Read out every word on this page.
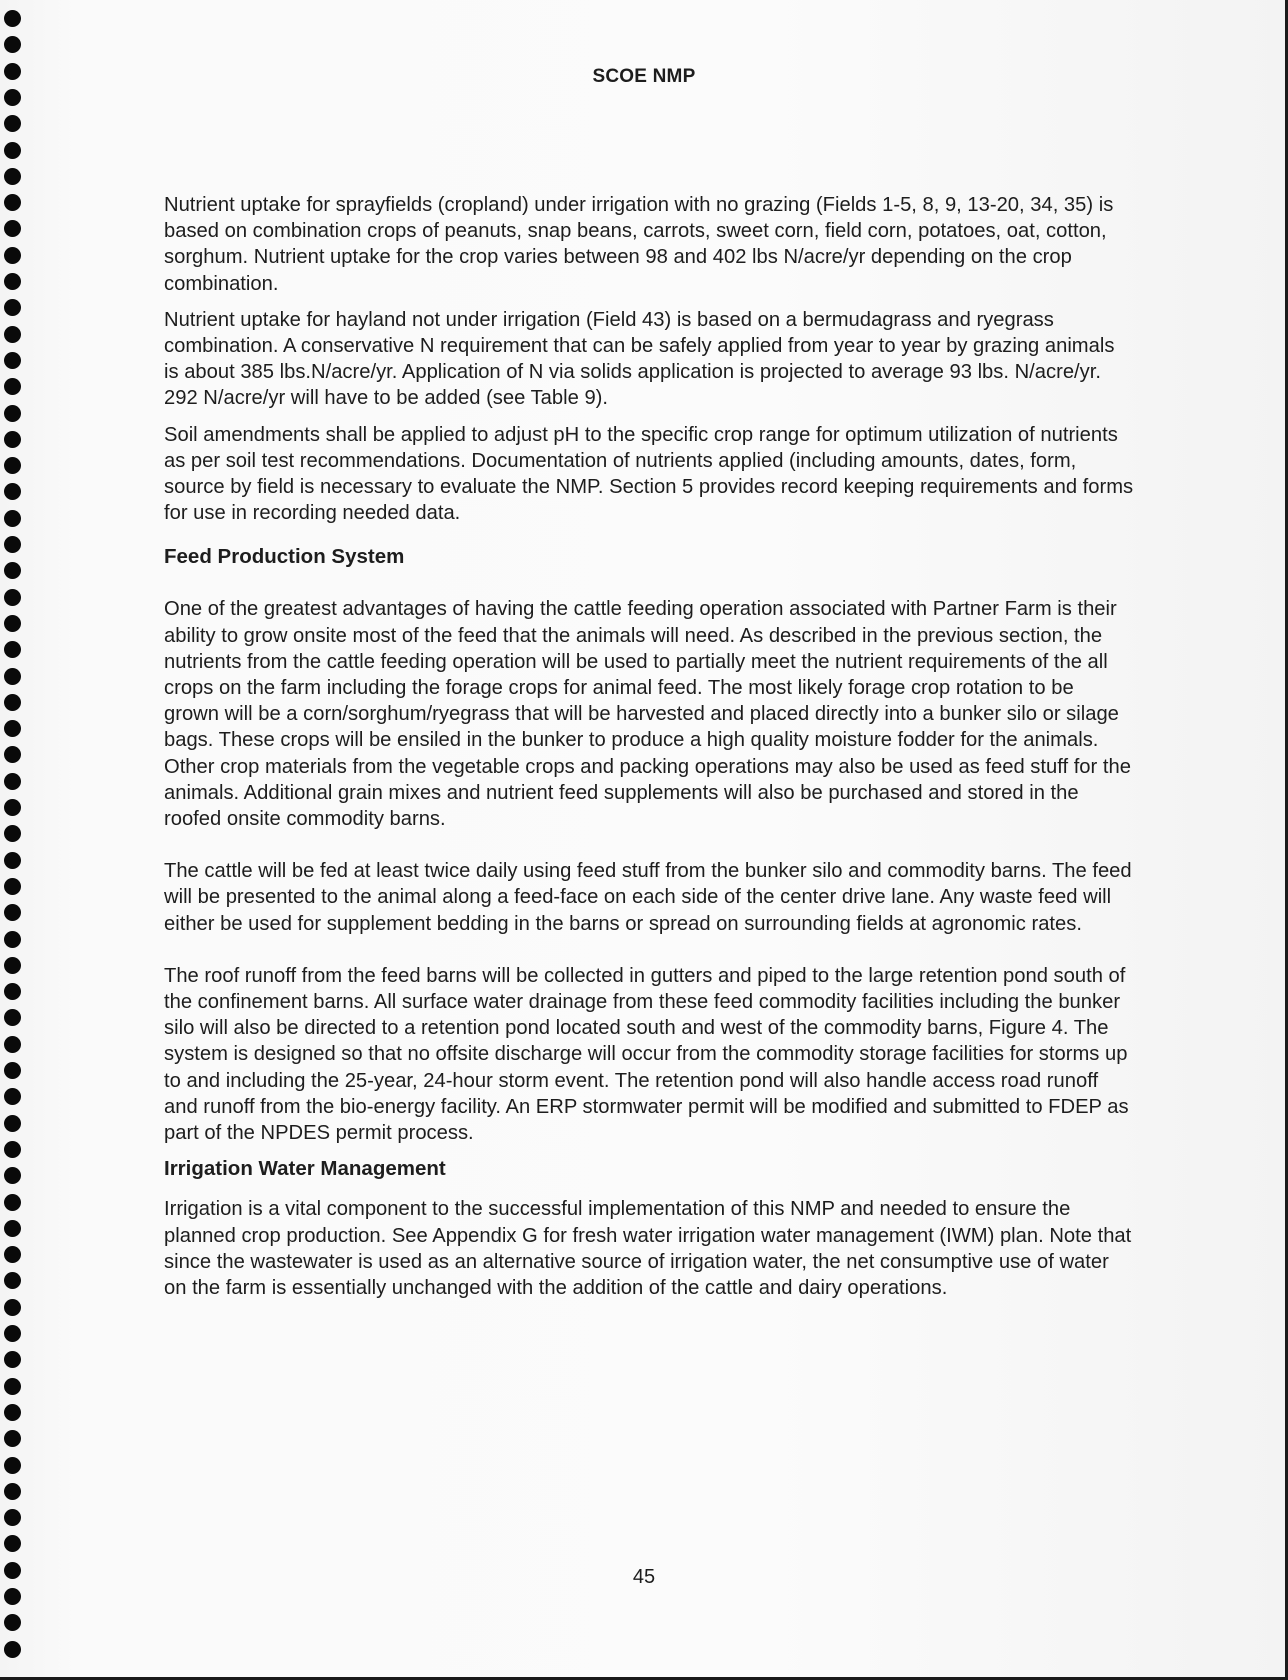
SCOE NMP

Nutrient uptake for sprayfields (cropland) under irrigation with no grazing (Fields 1-5, 8, 9, 13-20, 34, 35) is based on combination crops of peanuts, snap beans, carrots, sweet corn, field corn, potatoes, oat, cotton, sorghum. Nutrient uptake for the crop varies between 98 and 402 lbs N/acre/yr depending on the crop combination.

Nutrient uptake for hayland not under irrigation (Field 43) is based on a bermudagrass and ryegrass combination. A conservative N requirement that can be safely applied from year to year by grazing animals is about 385 lbs.N/acre/yr. Application of N via solids application is projected to average 93 lbs. N/acre/yr. 292 N/acre/yr will have to be added (see Table 9).

Soil amendments shall be applied to adjust pH to the specific crop range for optimum utilization of nutrients as per soil test recommendations. Documentation of nutrients applied (including amounts, dates, form, source by field is necessary to evaluate the NMP. Section 5 provides record keeping requirements and forms for use in recording needed data.

Feed Production System

One of the greatest advantages of having the cattle feeding operation associated with Partner Farm is their ability to grow onsite most of the feed that the animals will need. As described in the previous section, the nutrients from the cattle feeding operation will be used to partially meet the nutrient requirements of the all crops on the farm including the forage crops for animal feed. The most likely forage crop rotation to be grown will be a corn/sorghum/ryegrass that will be harvested and placed directly into a bunker silo or silage bags. These crops will be ensiled in the bunker to produce a high quality moisture fodder for the animals. Other crop materials from the vegetable crops and packing operations may also be used as feed stuff for the animals. Additional grain mixes and nutrient feed supplements will also be purchased and stored in the roofed onsite commodity barns.

The cattle will be fed at least twice daily using feed stuff from the bunker silo and commodity barns. The feed will be presented to the animal along a feed-face on each side of the center drive lane. Any waste feed will either be used for supplement bedding in the barns or spread on surrounding fields at agronomic rates.

The roof runoff from the feed barns will be collected in gutters and piped to the large retention pond south of the confinement barns. All surface water drainage from these feed commodity facilities including the bunker silo will also be directed to a retention pond located south and west of the commodity barns, Figure 4. The system is designed so that no offsite discharge will occur from the commodity storage facilities for storms up to and including the 25-year, 24-hour storm event. The retention pond will also handle access road runoff and runoff from the bio-energy facility. An ERP stormwater permit will be modified and submitted to FDEP as part of the NPDES permit process.

Irrigation Water Management

Irrigation is a vital component to the successful implementation of this NMP and needed to ensure the planned crop production. See Appendix G for fresh water irrigation water management (IWM) plan. Note that since the wastewater is used as an alternative source of irrigation water, the net consumptive use of water on the farm is essentially unchanged with the addition of the cattle and dairy operations.

45
